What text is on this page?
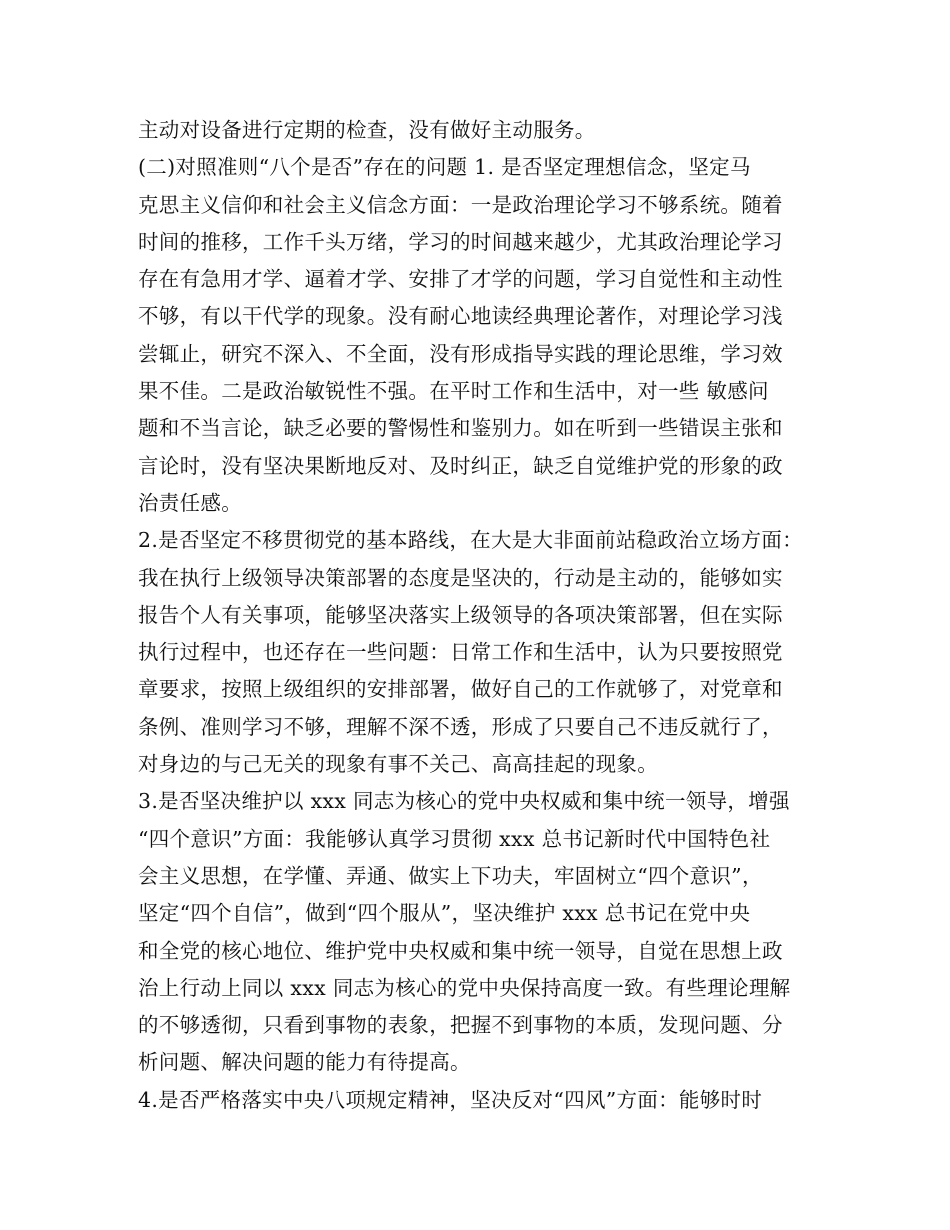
主动对设备进行定期的检查，没有做好主动服务。
(二)对照准则“八个是否”存在的问题 1. 是否坚定理想信念，坚定马
克思主义信仰和社会主义信念方面：一是政治理论学习不够系统。随着
时间的推移，工作千头万绪，学习的时间越来越少，尤其政治理论学习
存在有急用才学、逼着才学、安排了才学的问题，学习自觉性和主动性
不够，有以干代学的现象。没有耐心地读经典理论著作，对理论学习浅
尝辄止，研究不深入、不全面，没有形成指导实践的理论思维，学习效
果不佳。二是政治敏锐性不强。在平时工作和生活中，对一些 敏感问
题和不当言论，缺乏必要的警惕性和鉴别力。如在听到一些错误主张和
言论时，没有坚决果断地反对、及时纠正，缺乏自觉维护党的形象的政
治责任感。
2.是否坚定不移贯彻党的基本路线，在大是大非面前站稳政治立场方面：
我在执行上级领导决策部署的态度是坚决的，行动是主动的，能够如实
报告个人有关事项，能够坚决落实上级领导的各项决策部署，但在实际
执行过程中，也还存在一些问题：日常工作和生活中，认为只要按照党
章要求，按照上级组织的安排部署，做好自己的工作就够了，对党章和
条例、准则学习不够，理解不深不透，形成了只要自己不违反就行了，
对身边的与己无关的现象有事不关己、高高挂起的现象。
3.是否坚决维护以 xxx 同志为核心的党中央权威和集中统一领导，增强
“四个意识”方面：我能够认真学习贯彻 xxx 总书记新时代中国特色社
会主义思想，在学懂、弄通、做实上下功夫，牢固树立“四个意识”，
坚定“四个自信”，做到“四个服从”，坚决维护 xxx 总书记在党中央
和全党的核心地位、维护党中央权威和集中统一领导，自觉在思想上政
治上行动上同以 xxx 同志为核心的党中央保持高度一致。有些理论理解
的不够透彻，只看到事物的表象，把握不到事物的本质，发现问题、分
析问题、解决问题的能力有待提高。
4.是否严格落实中央八项规定精神，坚决反对“四风”方面：能够时时
